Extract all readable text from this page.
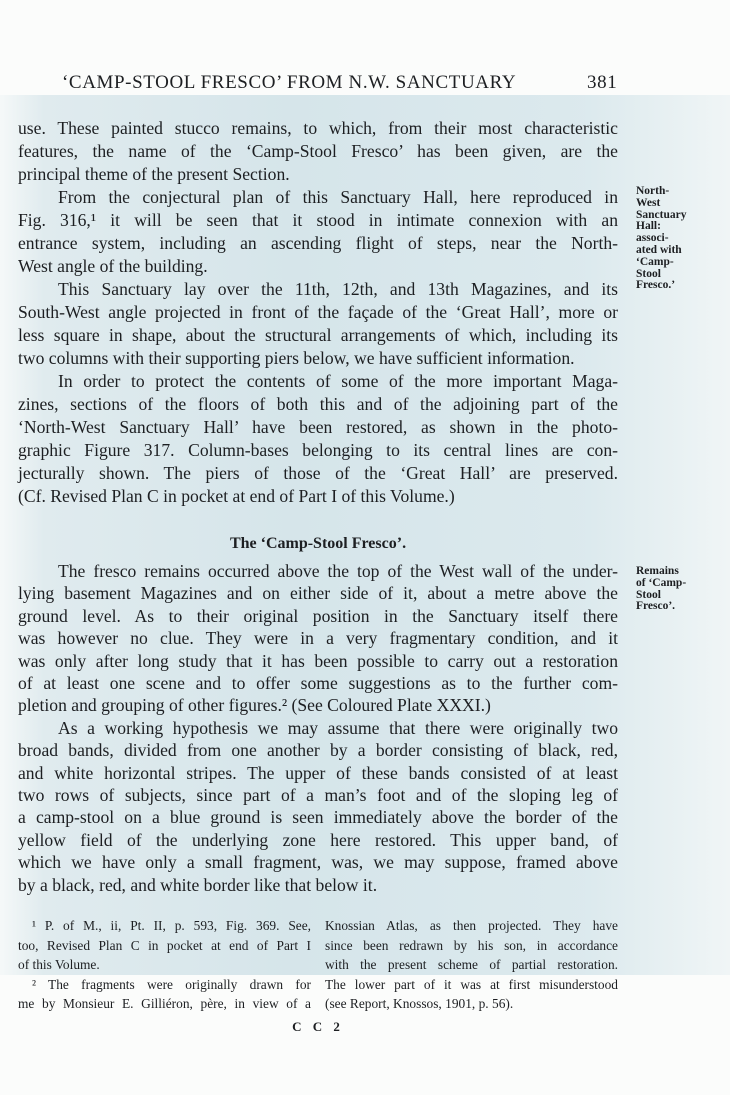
‘CAMP-STOOL FRESCO’ FROM N.W. SANCTUARY	381
use. These painted stucco remains, to which, from their most characteristic
features, the name of the ‘Camp-Stool Fresco’ has been given, are the
principal theme of the present Section.
From the conjectural plan of this Sanctuary Hall, here reproduced in
Fig. 316,¹ it will be seen that it stood in intimate connexion with an
entrance system, including an ascending flight of steps, near the North-
West angle of the building.
This Sanctuary lay over the 11th, 12th, and 13th Magazines, and its
South-West angle projected in front of the façade of the ‘Great Hall’, more or
less square in shape, about the structural arrangements of which, including its
two columns with their supporting piers below, we have sufficient information.
In order to protect the contents of some of the more important Maga-
zines, sections of the floors of both this and of the adjoining part of the
‘North-West Sanctuary Hall’ have been restored, as shown in the photo-
graphic Figure 317. Column-bases belonging to its central lines are con-
jecturally shown. The piers of those of the ‘Great Hall’ are preserved.
(Cf. Revised Plan C in pocket at end of Part I of this Volume.)
The ‘Camp-Stool Fresco’.
The fresco remains occurred above the top of the West wall of the under-
lying basement Magazines and on either side of it, about a metre above the
ground level. As to their original position in the Sanctuary itself there
was however no clue. They were in a very fragmentary condition, and it
was only after long study that it has been possible to carry out a restoration
of at least one scene and to offer some suggestions as to the further com-
pletion and grouping of other figures.² (See Coloured Plate XXXI.)
As a working hypothesis we may assume that there were originally two
broad bands, divided from one another by a border consisting of black, red,
and white horizontal stripes. The upper of these bands consisted of at least
two rows of subjects, since part of a man’s foot and of the sloping leg of
a camp-stool on a blue ground is seen immediately above the border of the
yellow field of the underlying zone here restored. This upper band, of
which we have only a small fragment, was, we may suppose, framed above
by a black, red, and white border like that below it.
¹ P. of M., ii, Pt. II, p. 593, Fig. 369. See,
too, Revised Plan C in pocket at end of Part I
of this Volume.
² The fragments were originally drawn for
me by Monsieur E. Gilliéron, père, in view of a
Knossian Atlas, as then projected. They have
since been redrawn by his son, in accordance
with the present scheme of partial restoration.
The lower part of it was at first misunderstood
(see Report, Knossos, 1901, p. 56).
C C 2
North-
West
Sanctuary
Hall:
associ-
ated with
‘Camp-
Stool
Fresco.’
Remains
of ‘Camp-
Stool
Fresco’.
